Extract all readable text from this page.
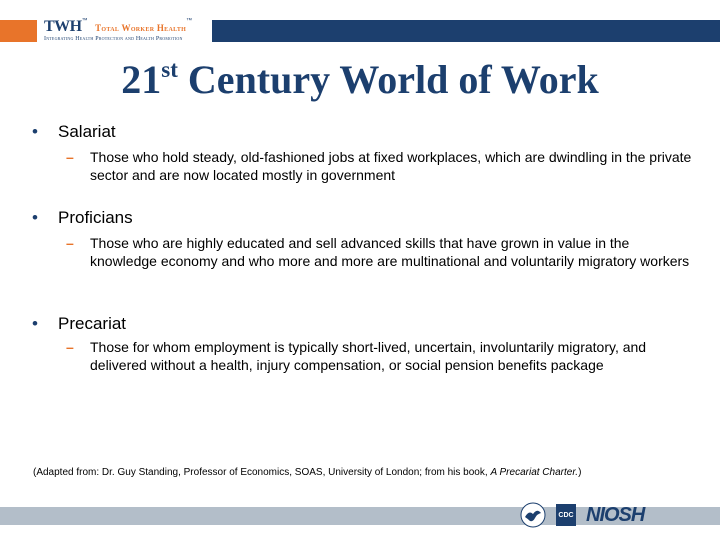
TWH™ Total Worker Health™
Integrating Health Protection and Health Promotion
21st Century World of Work
• Salariat
– Those who hold steady, old-fashioned jobs at fixed workplaces, which are dwindling in the private sector and are now located mostly in government
• Proficians
– Those who are highly educated and sell advanced skills that have grown in value in the knowledge economy and who more and more are multinational and voluntarily migratory workers
• Precariat
– Those for whom employment is typically short-lived, uncertain, involuntarily migratory, and delivered without a health, injury compensation, or social pension benefits package
(Adapted from: Dr. Guy Standing, Professor of Economics, SOAS, University of London; from his book, A Precariat Charter.)
CDC NIOSH
